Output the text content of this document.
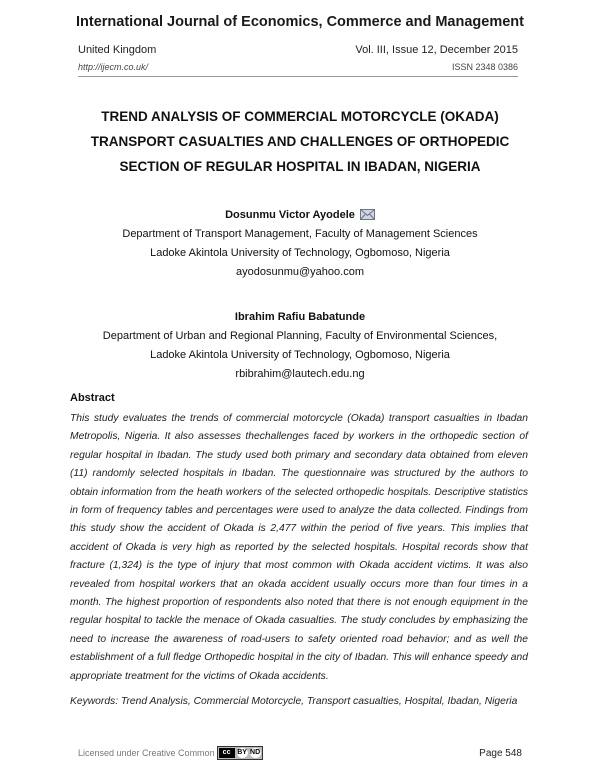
International Journal of Economics, Commerce and Management
United Kingdom	Vol. III, Issue 12, December 2015
http://ijecm.co.uk/	ISSN 2348 0386
TREND ANALYSIS OF COMMERCIAL MOTORCYCLE (OKADA)
TRANSPORT CASUALTIES AND CHALLENGES OF ORTHOPEDIC
SECTION OF REGULAR HOSPITAL IN IBADAN, NIGERIA
Dosunmu Victor Ayodele
Department of Transport Management, Faculty of Management Sciences
Ladoke Akintola University of Technology, Ogbomoso, Nigeria
ayodosunmu@yahoo.com
Ibrahim Rafiu Babatunde
Department of Urban and Regional Planning, Faculty of Environmental Sciences,
Ladoke Akintola University of Technology, Ogbomoso, Nigeria
rbibrahim@lautech.edu.ng
Abstract
This study evaluates the trends of commercial motorcycle (Okada) transport casualties in Ibadan Metropolis, Nigeria. It also assesses thechallenges faced by workers in the orthopedic section of regular hospital in Ibadan. The study used both primary and secondary data obtained from eleven (11) randomly selected hospitals in Ibadan. The questionnaire was structured by the authors to obtain information from the heath workers of the selected orthopedic hospitals. Descriptive statistics in form of frequency tables and percentages were used to analyze the data collected. Findings from this study show the accident of Okada is 2,477 within the period of five years. This implies that accident of Okada is very high as reported by the selected hospitals. Hospital records show that fracture (1,324) is the type of injury that most common with Okada accident victims. It was also revealed from hospital workers that an okada accident usually occurs more than four times in a month. The highest proportion of respondents also noted that there is not enough equipment in the regular hospital to tackle the menace of Okada casualties. The study concludes by emphasizing the need to increase the awareness of road-users to safety oriented road behavior; and as well the establishment of a full fledge Orthopedic hospital in the city of Ibadan. This will enhance speedy and appropriate treatment for the victims of Okada accidents.
Keywords: Trend Analysis, Commercial Motorcycle, Transport casualties, Hospital, Ibadan, Nigeria
Licensed under Creative Common	cc BY ND	Page 548
